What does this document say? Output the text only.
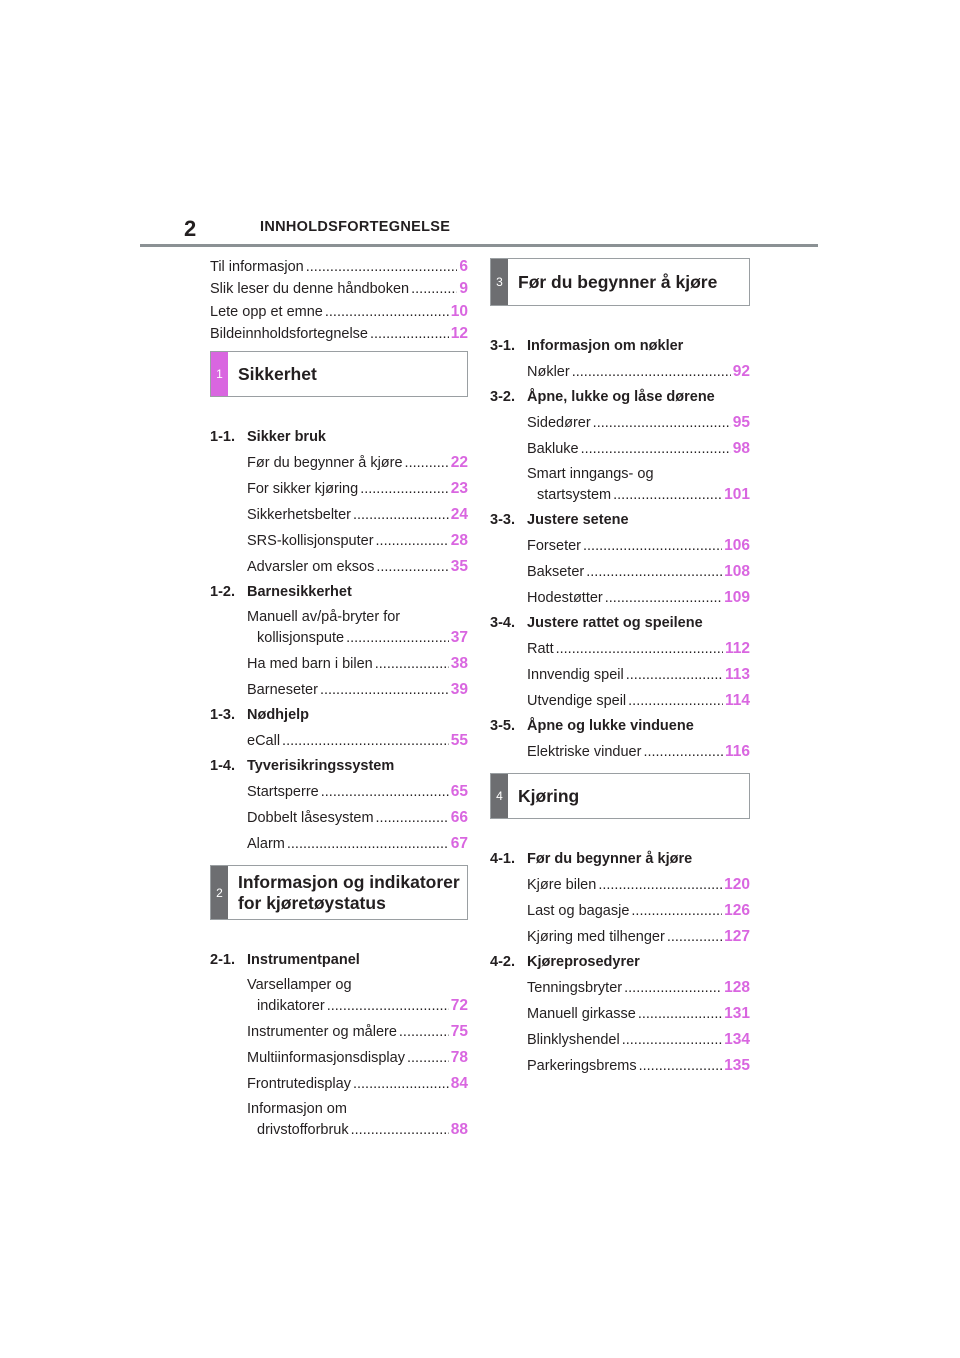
2	INNHOLDSFORTEGNELSE
Til informasjon .....	6
Slik leser du denne håndboken .....	9
Lete opp et emne .....	10
Bildeinnholdsfortegnelse .....	12
1 Sikkerhet
1-1. Sikker bruk
Før du begynner å kjøre .....	22
For sikker kjøring .....	23
Sikkerhetsbelter .....	24
SRS-kollisjonsputer .....	28
Advarsler om eksos .....	35
1-2. Barnesikkerhet
Manuell av/på-bryter for
kollisjonspute .....	37
Ha med barn i bilen .....	38
Barneseter .....	39
1-3. Nødhjelp
eCall .....	55
1-4. Tyverisikringssystem
Startsperre .....	65
Dobbelt låsesystem .....	66
Alarm .....	67
2
Informasjon og indikatorer
for kjøretøystatus
2-1. Instrumentpanel
Varsellamper og
indikatorer .....	72
Instrumenter og målere .....	75
Multiinformasjonsdisplay .....	78
Frontrutedisplay .....	84
Informasjon om
drivstofforbruk .....	88
3 Før du begynner å kjøre
3-1. Informasjon om nøkler
Nøkler .....	92
3-2. Åpne, lukke og låse dørene
Sidedører .....	95
Bakluke .....	98
Smart inngangs- og
startsystem .....	101
3-3. Justere setene
Forseter .....	106
Bakseter .....	108
Hodestøtter .....	109
3-4. Justere rattet og speilene
Ratt .....	112
Innvendig speil .....	113
Utvendige speil .....	114
3-5. Åpne og lukke vinduene
Elektriske vinduer .....	116
4 Kjøring
4-1. Før du begynner å kjøre
Kjøre bilen .....	120
Last og bagasje .....	126
Kjøring med tilhenger .....	127
4-2. Kjøreprosedyrer
Tenningsbryter .....	128
Manuell girkasse .....	131
Blinklyshendel .....	134
Parkeringsbrems .....	135
